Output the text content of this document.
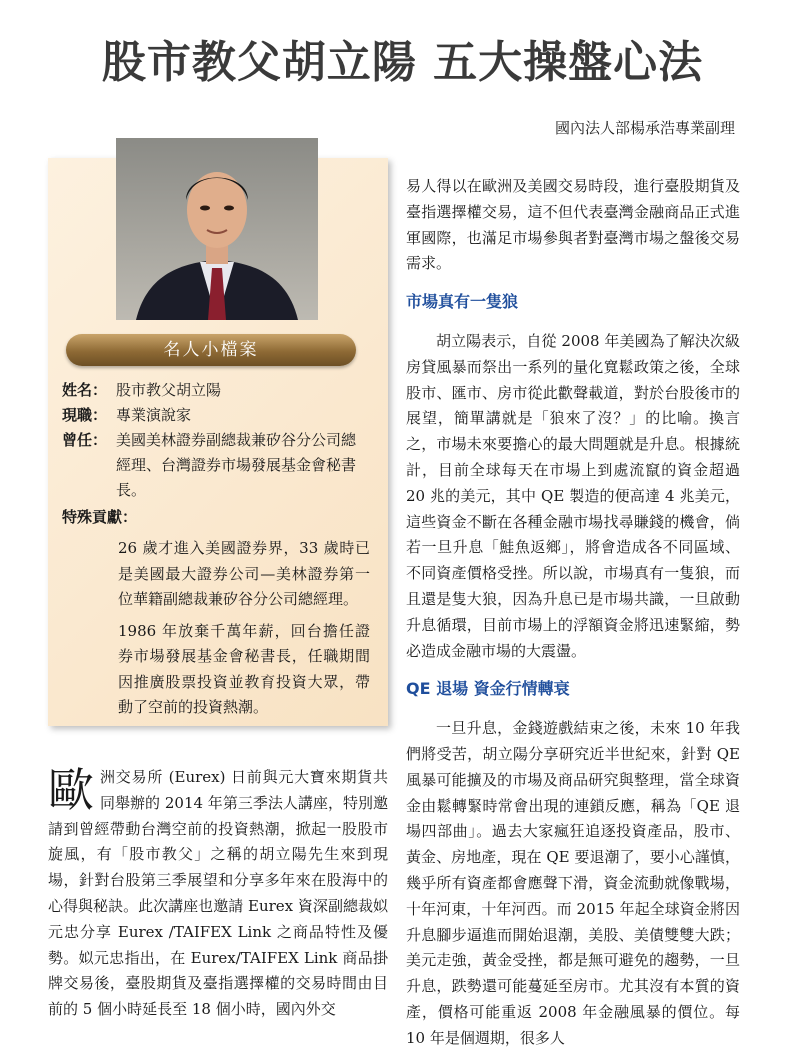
股市教父胡立陽 五大操盤心法
國內法人部楊承浩專業副理
名人小檔案
姓名： 股市教父胡立陽
現職： 專業演說家
曾任： 美國美林證券副總裁兼矽谷分公司總經理、台灣證券市場發展基金會秘書長。
特殊貢獻：

26 歲才進入美國證券界，33 歲時已是美國最大證券公司—美林證券第一位華籍副總裁兼矽谷分公司總經理。

1986 年放棄千萬年薪，回台擔任證券市場發展基金會秘書長，任職期間因推廣股票投資並教育投資大眾，帶動了空前的投資熱潮。

歐 洲交易所 (Eurex) 日前與元大寶來期貨共同舉辦的 2014 年第三季法人講座，特別邀請到曾經帶動台灣空前的投資熱潮，掀起一股股市旋風，有「股市教父」之稱的胡立陽先生來到現場，針對台股第三季展望和分享多年來在股海中的心得與秘訣。此次講座也邀請 Eurex 資深副總裁姒元忠分享 Eurex /TAIFEX Link 之商品特性及優勢。姒元忠指出，在 Eurex/TAIFEX Link 商品掛牌交易後，臺股期貨及臺指選擇權的交易時間由目前的 5 個小時延長至 18 個小時，國內外交

易人得以在歐洲及美國交易時段，進行臺股期貨及臺指選擇權交易，這不但代表臺灣金融商品正式進軍國際，也滿足市場參與者對臺灣市場之盤後交易需求。

市場真有一隻狼

胡立陽表示，自從 2008 年美國為了解決次級房貸風暴而祭出一系列的量化寬鬆政策之後，全球股市、匯市、房市從此歡聲載道，對於台股後市的展望，簡單講就是「狼來了沒？」的比喻。換言之，市場未來要擔心的最大問題就是升息。根據統計，目前全球每天在市場上到處流竄的資金超過 20 兆的美元，其中 QE 製造的便高達 4 兆美元，這些資金不斷在各種金融市場找尋賺錢的機會，倘若一旦升息「鮭魚返鄉」，將會造成各不同區域、不同資產價格受挫。所以說，市場真有一隻狼，而且還是隻大狼，因為升息已是市場共識，一旦啟動升息循環，目前市場上的浮額資金將迅速緊縮，勢必造成金融市場的大震盪。

QE 退場 資金行情轉衰

一旦升息，金錢遊戲結束之後，未來 10 年我們將受苦，胡立陽分享研究近半世紀來，針對 QE 風暴可能擴及的市場及商品研究與整理，當全球資金由鬆轉緊時常會出現的連鎖反應，稱為「QE 退場四部曲」。過去大家瘋狂追逐投資產品，股市、黃金、房地產，現在 QE 要退潮了，要小心謹慎，幾乎所有資產都會應聲下滑，資金流動就像戰場，十年河東，十年河西。而 2015 年起全球資金將因升息腳步逼進而開始退潮，美股、美債雙雙大跌；美元走強，黃金受挫，都是無可避免的趨勢，一旦升息，跌勢還可能蔓延至房市。尤其沒有本質的資產，價格可能重返 2008 年金融風暴的價位。每 10 年是個週期，很多人
